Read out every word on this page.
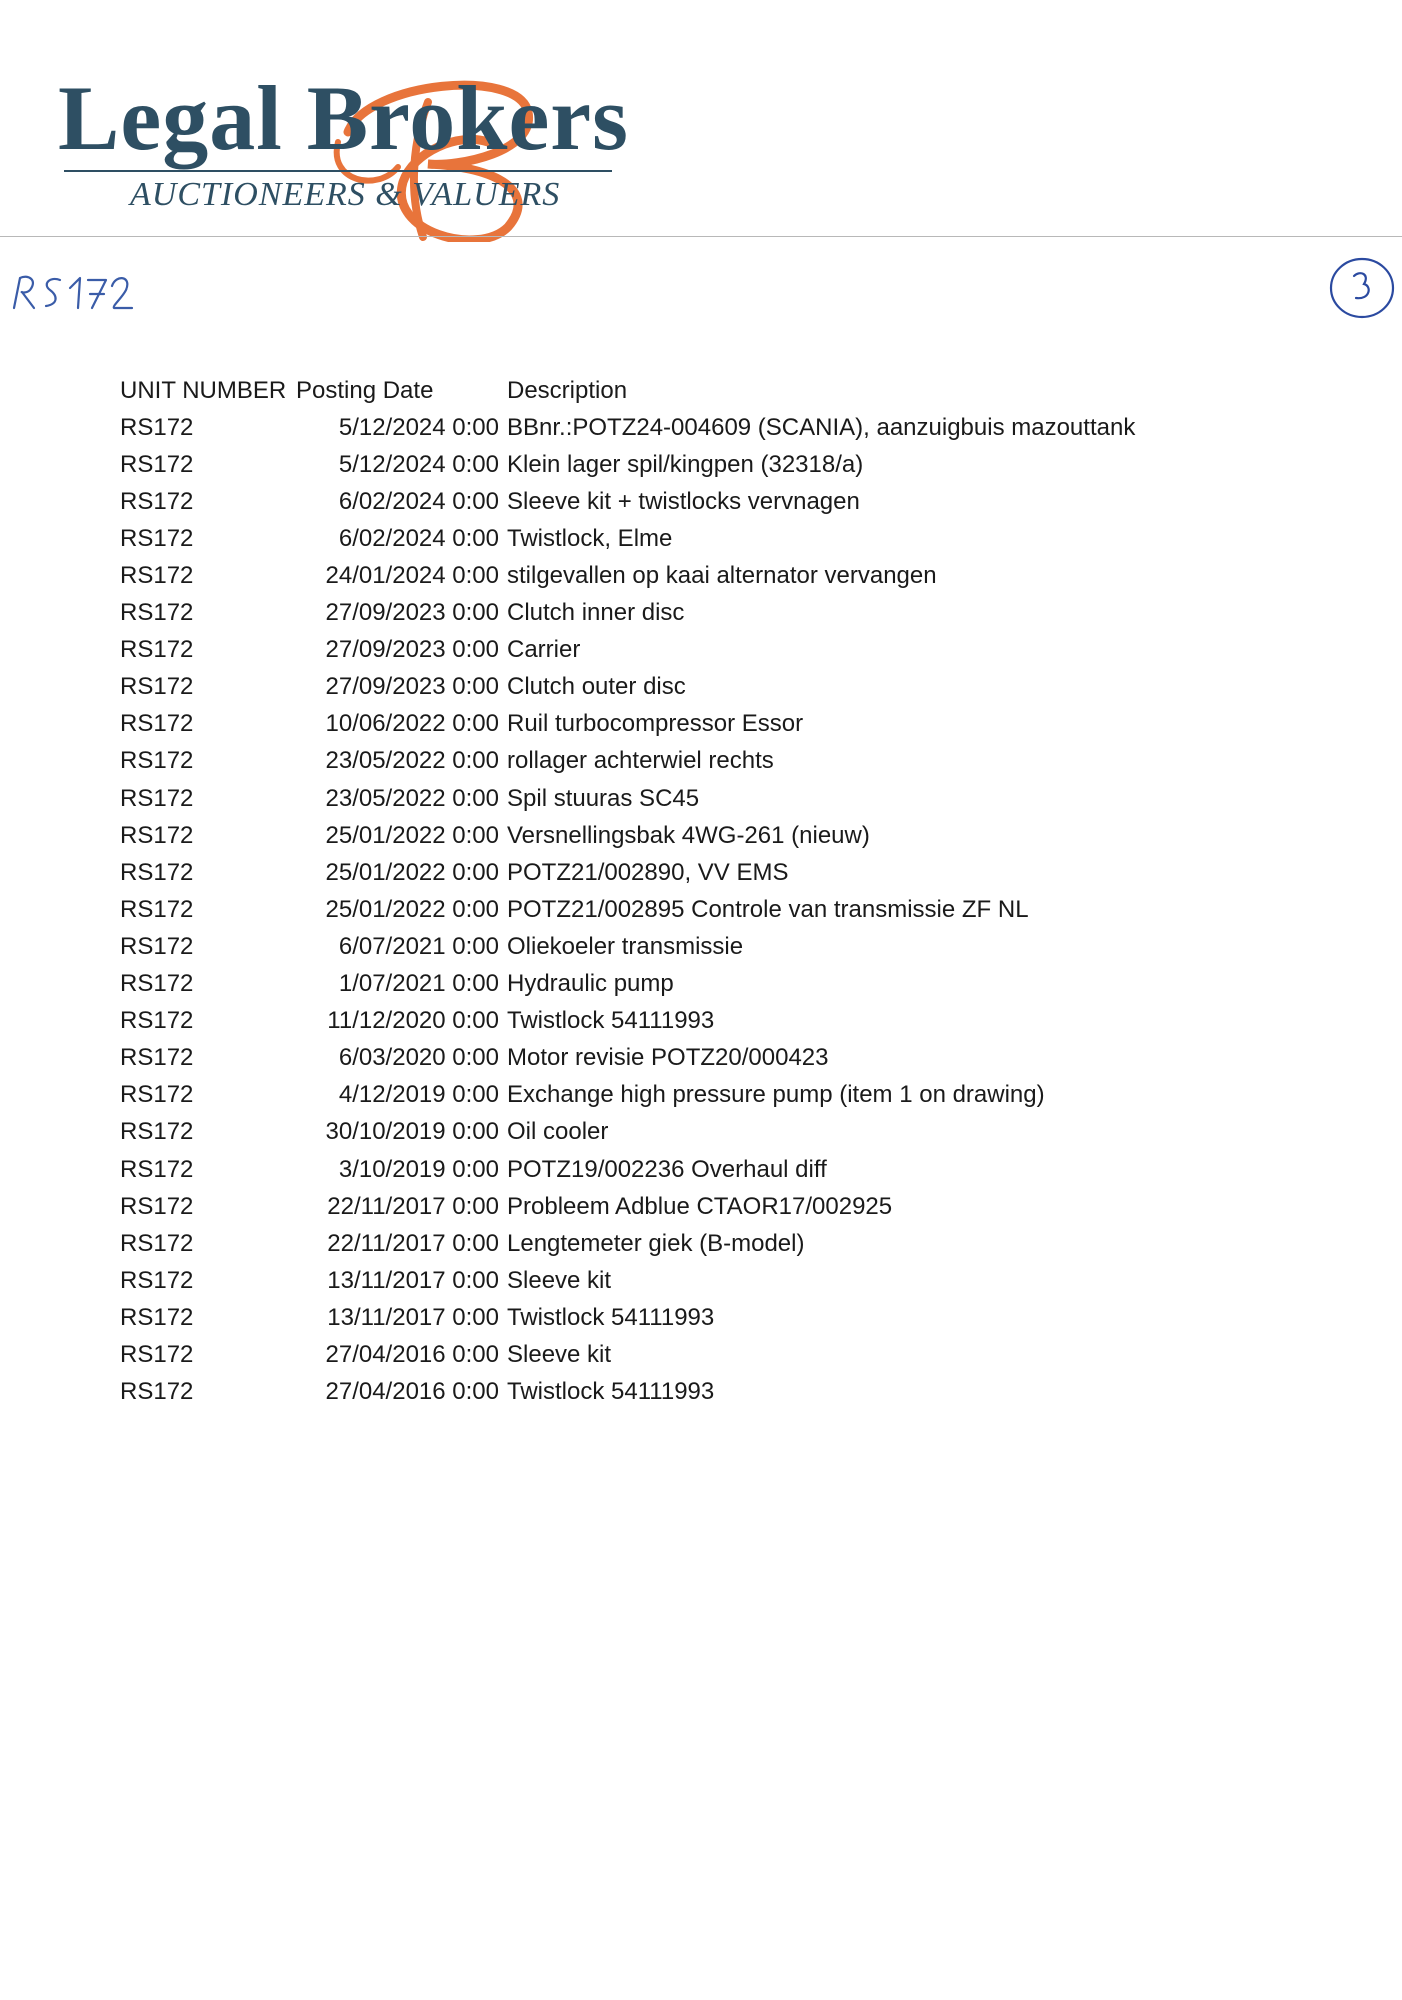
Legal Brokers
AUCTIONEERS & VALUERS
UNIT NUMBER	Posting Date	Description
RS172	5/12/2024 0:00	BBnr.:POTZ24-004609 (SCANIA), aanzuigbuis mazouttank
RS172	5/12/2024 0:00	Klein lager spil/kingpen (32318/a)
RS172	6/02/2024 0:00	Sleeve kit + twistlocks vervnagen
RS172	6/02/2024 0:00	Twistlock, Elme
RS172	24/01/2024 0:00	stilgevallen op kaai alternator vervangen
RS172	27/09/2023 0:00	Clutch inner disc
RS172	27/09/2023 0:00	Carrier
RS172	27/09/2023 0:00	Clutch outer disc
RS172	10/06/2022 0:00	Ruil turbocompressor Essor
RS172	23/05/2022 0:00	rollager achterwiel rechts
RS172	23/05/2022 0:00	Spil stuuras SC45
RS172	25/01/2022 0:00	Versnellingsbak 4WG-261 (nieuw)
RS172	25/01/2022 0:00	POTZ21/002890, VV EMS
RS172	25/01/2022 0:00	POTZ21/002895 Controle van transmissie ZF NL
RS172	6/07/2021 0:00	Oliekoeler transmissie
RS172	1/07/2021 0:00	Hydraulic pump
RS172	11/12/2020 0:00	Twistlock 54111993
RS172	6/03/2020 0:00	Motor revisie POTZ20/000423
RS172	4/12/2019 0:00	Exchange high pressure pump (item 1 on drawing)
RS172	30/10/2019 0:00	Oil cooler
RS172	3/10/2019 0:00	POTZ19/002236 Overhaul diff
RS172	22/11/2017 0:00	Probleem Adblue CTAOR17/002925
RS172	22/11/2017 0:00	Lengtemeter giek (B-model)
RS172	13/11/2017 0:00	Sleeve kit
RS172	13/11/2017 0:00	Twistlock 54111993
RS172	27/04/2016 0:00	Sleeve kit
RS172	27/04/2016 0:00	Twistlock 54111993
